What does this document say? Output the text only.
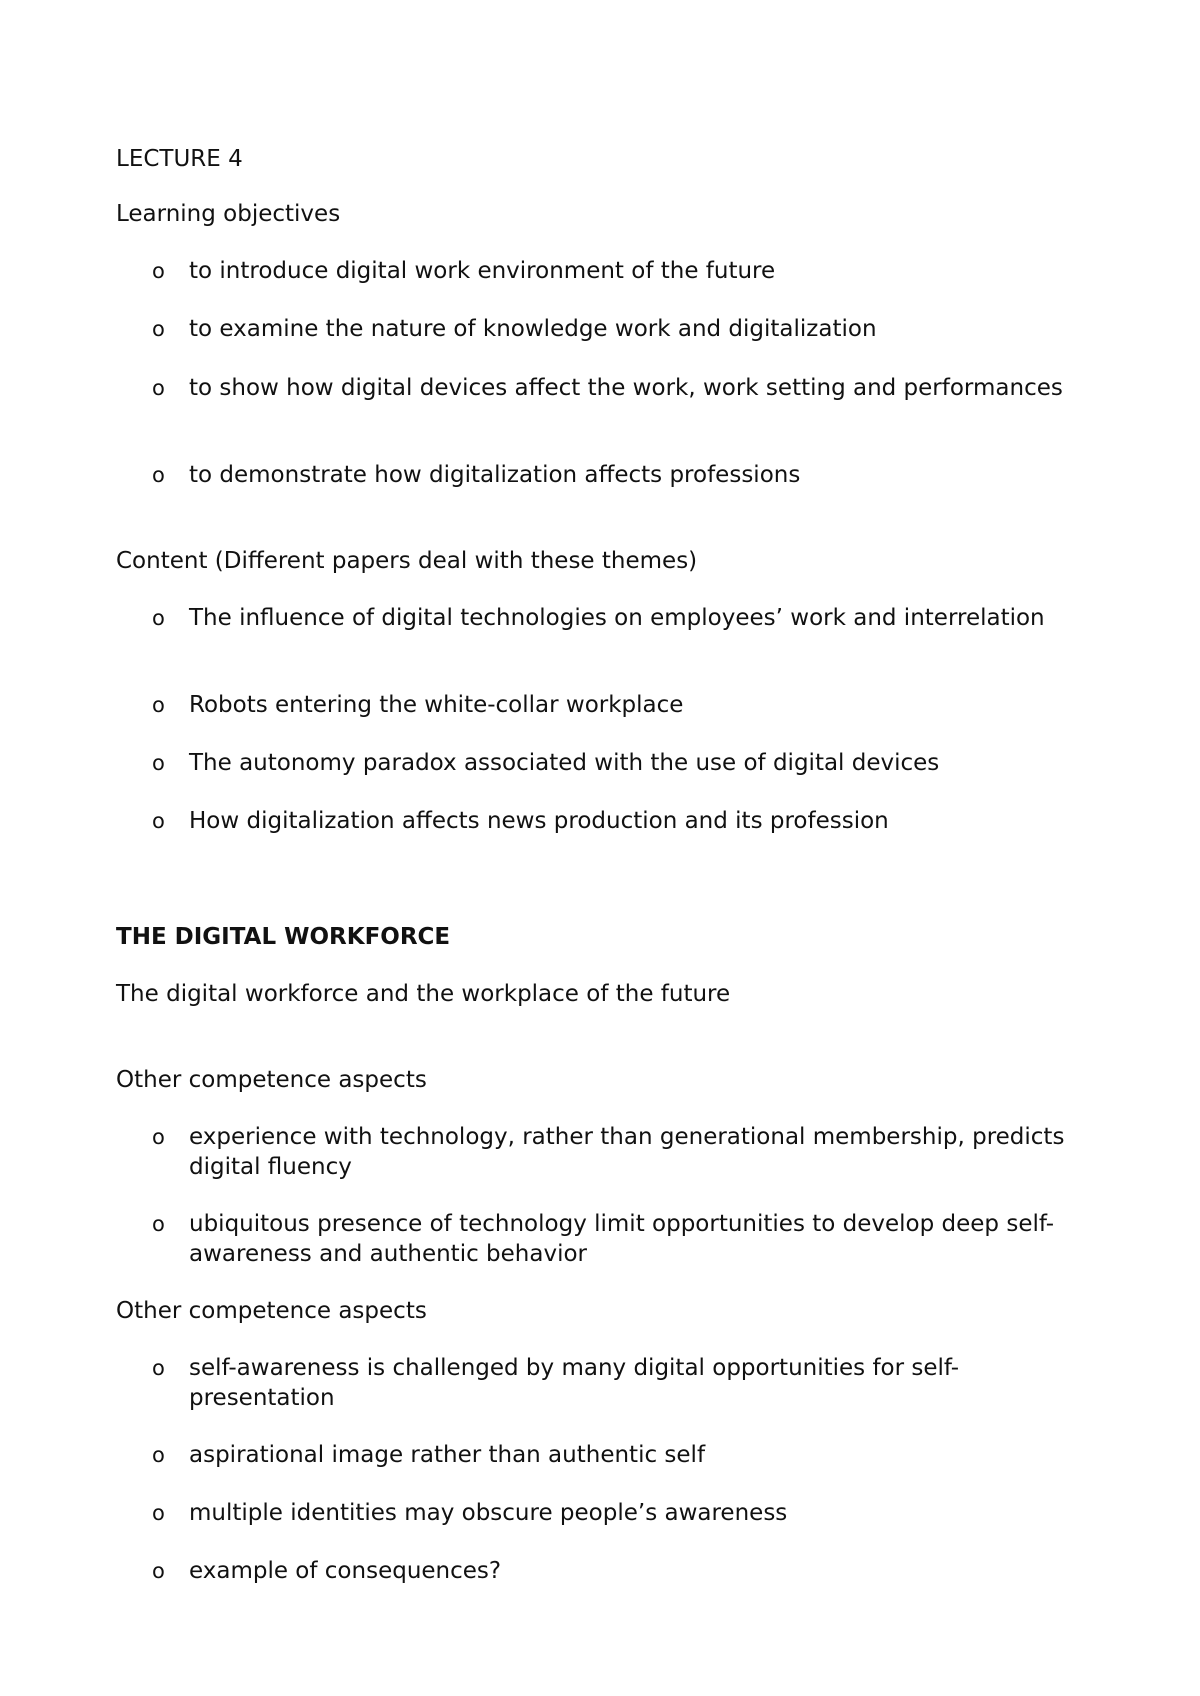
LECTURE 4
Learning objectives
o to introduce digital work environment of the future
o to examine the nature of knowledge work and digitalization
o to show how digital devices affect the work, work setting and performances
o to demonstrate how digitalization affects professions
Content (Different papers deal with these themes)
o The influence of digital technologies on employees’ work and interrelation
o Robots entering the white-collar workplace
o The autonomy paradox associated with the use of digital devices
o How digitalization affects news production and its profession
THE DIGITAL WORKFORCE
The digital workforce and the workplace of the future
Other competence aspects
o experience with technology, rather than generational membership, predicts digital fluency
o ubiquitous presence of technology limit opportunities to develop deep self-awareness and authentic behavior
Other competence aspects
o self-awareness is challenged by many digital opportunities for self-presentation
o aspirational image rather than authentic self
o multiple identities may obscure people’s awareness
o example of consequences?
